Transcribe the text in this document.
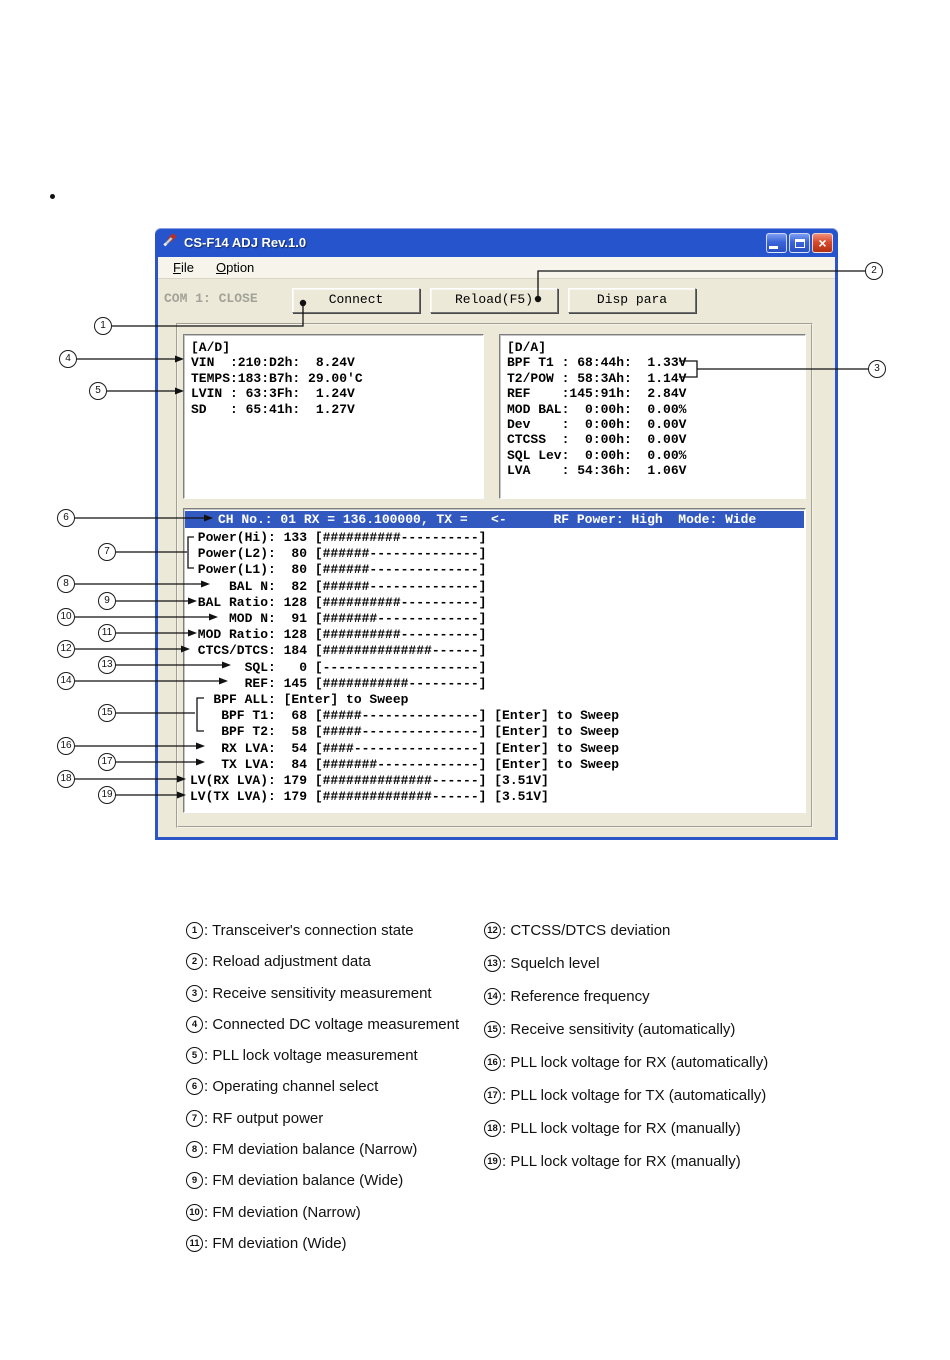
CS-F14 ADJ Rev.1.0	×
File	Option
COM 1: CLOSE	Connect	Reload(F5)	Disp para
[A/D]
VIN  :210:D2h:  8.24V
TEMPS:183:B7h: 29.00'C
LVIN : 63:3Fh:  1.24V
SD   : 65:41h:  1.27V
[D/A]
BPF T1 : 68:44h:  1.33V
T2/POW : 58:3Ah:  1.14V
REF    :145:91h:  2.84V
MOD BAL:  0:00h:  0.00%
Dev    :  0:00h:  0.00V
CTCSS  :  0:00h:  0.00V
SQL Lev:  0:00h:  0.00%
LVA    : 54:36h:  1.06V
CH No.: 01 RX = 136.100000, TX =   <-      RF Power: High  Mode: Wide
Power(Hi): 133 [##########----------]
Power(L2):  80 [######--------------]
Power(L1):  80 [######--------------]
BAL N:  82 [######--------------]
BAL Ratio: 128 [##########----------]
MOD N:  91 [#######-------------]
MOD Ratio: 128 [##########----------]
CTCS/DTCS: 184 [##############------]
SQL:   0 [--------------------]
REF: 145 [###########---------]
BPF ALL: [Enter] to Sweep
BPF T1:  68 [#####---------------] [Enter] to Sweep
BPF T2:  58 [#####---------------] [Enter] to Sweep
RX LVA:  54 [####----------------] [Enter] to Sweep
TX LVA:  84 [#######-------------] [Enter] to Sweep
LV(RX LVA): 179 [##############------] [3.51V]
LV(TX LVA): 179 [##############------] [3.51V]
1
2
3
4
5
6
7
8
9
10
11
12
13
14
15
16
17
18
19
1 : Transceiver's connection state
2	: Reload adjustment data
3	: Receive sensitivity measurement
4	: Connected DC voltage measurement
5	: PLL lock voltage measurement
6	: Operating channel select
7	: RF output power
8	: FM deviation balance (Narrow)
9	: FM deviation balance (Wide)
10 : FM deviation (Narrow)
11 : FM deviation (Wide)
12 : CTCSS/DTCS deviation
13 : Squelch level
14 : Reference frequency
15 : Receive sensitivity (automatically)
16 : PLL lock voltage for RX (automatically)
17 : PLL lock voltage for TX (automatically)
18 : PLL lock voltage for RX (manually)
19 : PLL lock voltage for RX (manually)
